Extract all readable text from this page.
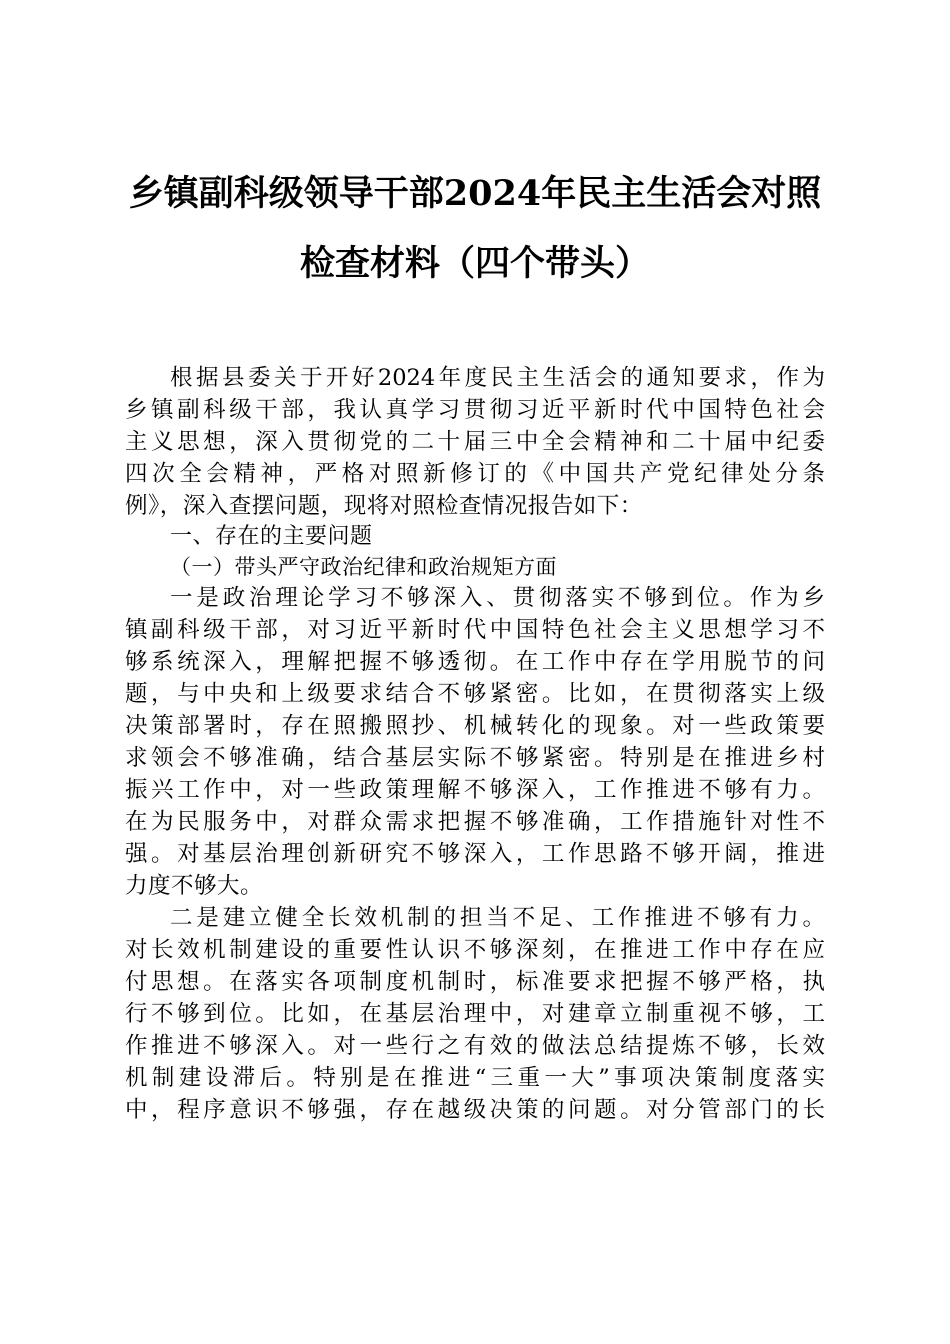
乡镇副科级领导干部2024年民主生活会对照
检查材料（四个带头）
根据县委关于开好2024年度民主生活会的通知要求，作为
乡镇副科级干部，我认真学习贯彻习近平新时代中国特色社会
主义思想，深入贯彻党的二十届三中全会精神和二十届中纪委
四次全会精神，严格对照新修订的《中国共产党纪律处分条
例》，深入查摆问题，现将对照检查情况报告如下：
一、存在的主要问题
（一）带头严守政治纪律和政治规矩方面
一是政治理论学习不够深入、贯彻落实不够到位。作为乡
镇副科级干部，对习近平新时代中国特色社会主义思想学习不
够系统深入，理解把握不够透彻。在工作中存在学用脱节的问
题，与中央和上级要求结合不够紧密。比如，在贯彻落实上级
决策部署时，存在照搬照抄、机械转化的现象。对一些政策要
求领会不够准确，结合基层实际不够紧密。特别是在推进乡村
振兴工作中，对一些政策理解不够深入，工作推进不够有力。
在为民服务中，对群众需求把握不够准确，工作措施针对性不
强。对基层治理创新研究不够深入，工作思路不够开阔，推进
力度不够大。
二是建立健全长效机制的担当不足、工作推进不够有力。
对长效机制建设的重要性认识不够深刻，在推进工作中存在应
付思想。在落实各项制度机制时，标准要求把握不够严格，执
行不够到位。比如，在基层治理中，对建章立制重视不够，工
作推进不够深入。对一些行之有效的做法总结提炼不够，长效
机制建设滞后。特别是在推进“三重一大”事项决策制度落实
中，程序意识不够强，存在越级决策的问题。对分管部门的长
